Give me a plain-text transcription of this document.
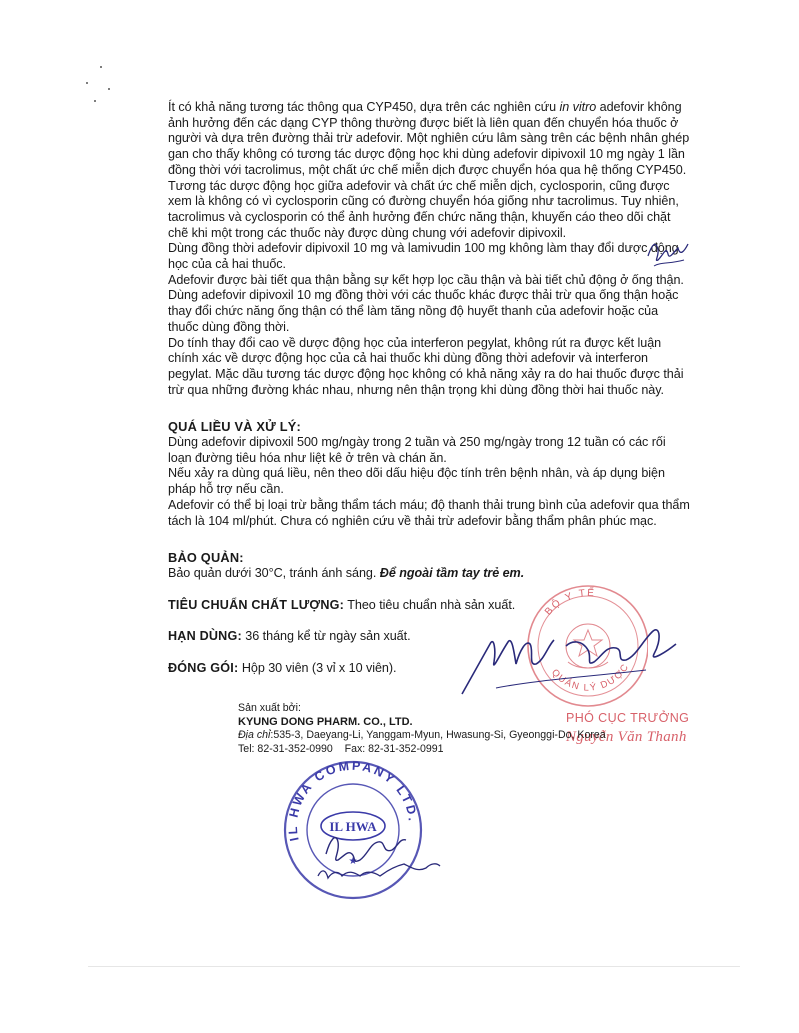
Ít có khả năng tương tác thông qua CYP450, dựa trên các nghiên cứu in vitro adefovir không ảnh hưởng đến các dạng CYP thông thường được biết là liên quan đến chuyển hóa thuốc ở người và dựa trên đường thải trừ adefovir. Một nghiên cứu lâm sàng trên các bệnh nhân ghép gan cho thấy không có tương tác dược động học khi dùng adefovir dipivoxil 10 mg ngày 1 lần đồng thời với tacrolimus, một chất ức chế miễn dịch được chuyển hóa qua hệ thống CYP450. Tương tác dược động học giữa adefovir và chất ức chế miễn dịch, cyclosporin, cũng được xem là không có vì cyclosporin cũng có đường chuyển hóa giống như tacrolimus. Tuy nhiên, tacrolimus và cyclosporin có thể ảnh hưởng đến chức năng thận, khuyến cáo theo dõi chặt chẽ khi một trong các thuốc này được dùng chung với adefovir dipivoxil.

Dùng đồng thời adefovir dipivoxil 10 mg và lamivudin 100 mg không làm thay đổi dược động học của cả hai thuốc.

Adefovir được bài tiết qua thận bằng sự kết hợp lọc cầu thận và bài tiết chủ động ở ống thận. Dùng adefovir dipivoxil 10 mg đồng thời với các thuốc khác được thải trừ qua ống thận hoặc thay đổi chức năng ống thận có thể làm tăng nồng độ huyết thanh của adefovir hoặc của thuốc dùng đồng thời.

Do tính thay đổi cao về dược động học của interferon pegylat, không rút ra được kết luận chính xác về dược động học của cả hai thuốc khi dùng đồng thời adefovir và interferon pegylat. Mặc dầu tương tác dược động học không có khả năng xảy ra do hai thuốc được thải trừ qua những đường khác nhau, nhưng nên thận trọng khi dùng đồng thời hai thuốc này.

QUÁ LIỀU VÀ XỬ LÝ:

Dùng adefovir dipivoxil 500 mg/ngày trong 2 tuần và 250 mg/ngày trong 12 tuần có các rối loạn đường tiêu hóa như liệt kê ở trên và chán ăn.

Nếu xảy ra dùng quá liều, nên theo dõi dấu hiệu độc tính trên bệnh nhân, và áp dụng biện pháp hỗ trợ nếu cần.

Adefovir có thể bị loại trừ bằng thẩm tách máu; độ thanh thải trung bình của adefovir qua thẩm tách là 104 ml/phút. Chưa có nghiên cứu về thải trừ adefovir bằng thẩm phân phúc mạc.

BẢO QUẢN:

Bảo quản dưới 30°C, tránh ánh sáng. Để ngoài tầm tay trẻ em.

TIÊU CHUẨN CHẤT LƯỢNG: Theo tiêu chuẩn nhà sản xuất.

HẠN DÙNG: 36 tháng kể từ ngày sản xuất.

ĐÓNG GÓI: Hộp 30 viên (3 vỉ x 10 viên).

BỘ Y TẾ
QUẢN LÝ DƯỢC
PHÓ CỤC TRƯỞNG
Nguyễn Văn Thanh
Sản xuất bởi:
KYUNG DONG PHARM. CO., LTD.
Địa chỉ:535-3, Daeyang-Li, Yanggam-Myun, Hwasung-Si, Gyeonggi-Do, Korea
Tel: 82-31-352-0990 Fax: 82-31-352-0991
IL HWA COMPANY LTD.
IL HWA
★
